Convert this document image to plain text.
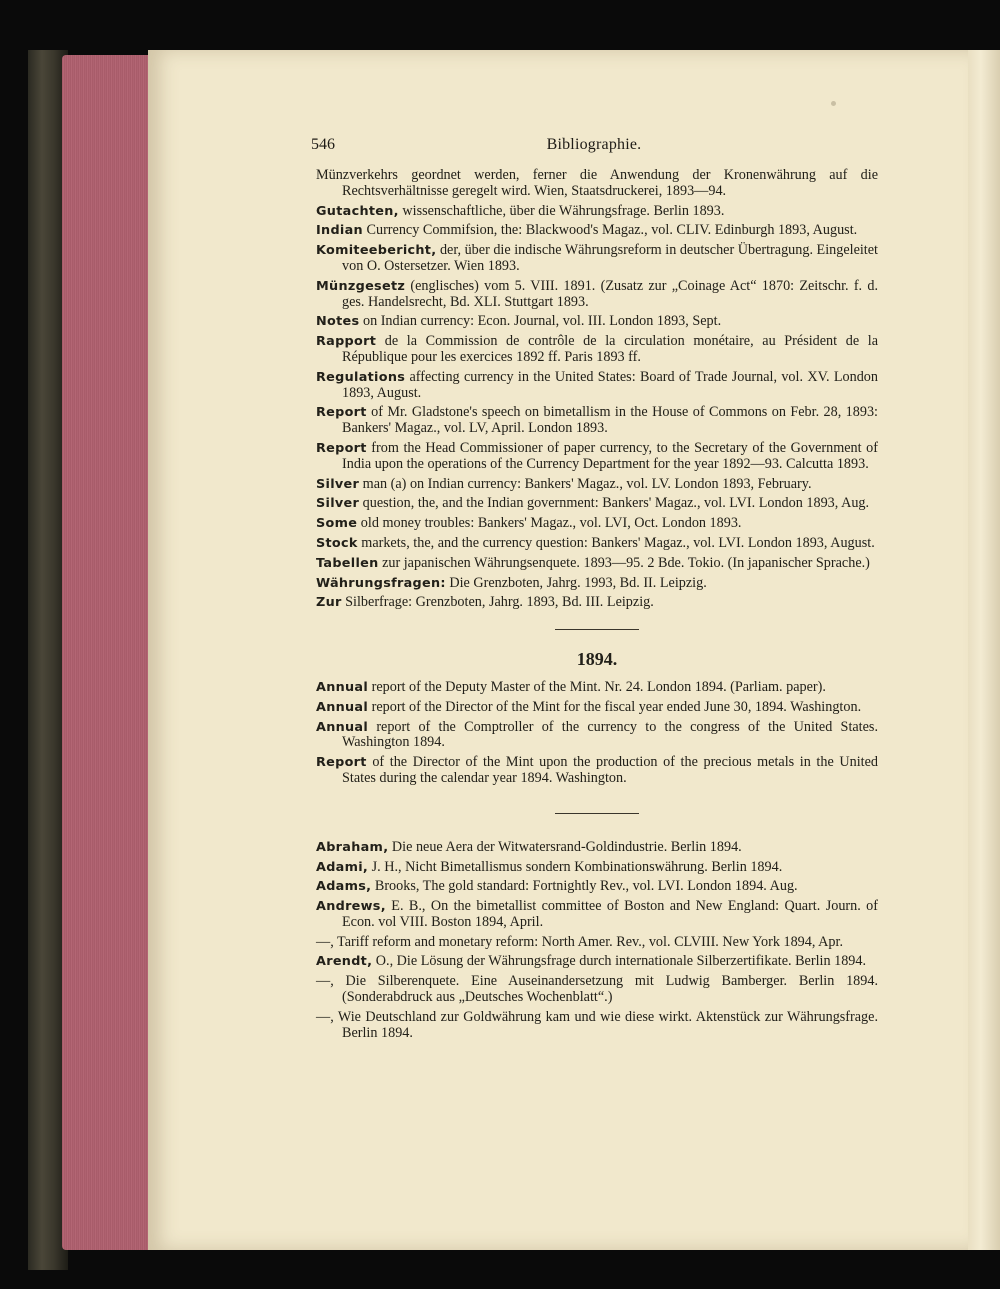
546	Bibliographie.

Münzverkehrs geordnet werden, ferner die Anwendung der Kronenwährung auf die Rechtsverhältnisse geregelt wird. Wien, Staatsdruckerei, 1893—94.

Gutachten, wissenschaftliche, über die Währungsfrage. Berlin 1893.

Indian Currency Commifsion, the: Blackwood's Magaz., vol. CLIV. Edinburgh 1893, August.

Komiteebericht, der, über die indische Währungsreform in deutscher Übertragung. Eingeleitet von O. Ostersetzer. Wien 1893.

Münzgesetz (englisches) vom 5. VIII. 1891. (Zusatz zur „Coinage Act“ 1870: Zeitschr. f. d. ges. Handelsrecht, Bd. XLI. Stuttgart 1893.

Notes on Indian currency: Econ. Journal, vol. III. London 1893, Sept.

Rapport de la Commission de contrôle de la circulation monétaire, au Président de la République pour les exercices 1892 ff. Paris 1893 ff.

Regulations affecting currency in the United States: Board of Trade Journal, vol. XV. London 1893, August.

Report of Mr. Gladstone's speech on bimetallism in the House of Commons on Febr. 28, 1893: Bankers' Magaz., vol. LV, April. London 1893.

Report from the Head Commissioner of paper currency, to the Secretary of the Government of India upon the operations of the Currency Department for the year 1892—93. Calcutta 1893.

Silver man (a) on Indian currency: Bankers' Magaz., vol. LV. London 1893, February.

Silver question, the, and the Indian government: Bankers' Magaz., vol. LVI. London 1893, Aug.

Some old money troubles: Bankers' Magaz., vol. LVI, Oct. London 1893.

Stock markets, the, and the currency question: Bankers' Magaz., vol. LVI. London 1893, August.

Tabellen zur japanischen Währungsenquete. 1893—95. 2 Bde. Tokio. (In japanischer Sprache.)

Währungsfragen: Die Grenzboten, Jahrg. 1993, Bd. II. Leipzig.

Zur Silberfrage: Grenzboten, Jahrg. 1893, Bd. III. Leipzig.

1894.

Annual report of the Deputy Master of the Mint. Nr. 24. London 1894. (Parliam. paper).

Annual report of the Director of the Mint for the fiscal year ended June 30, 1894. Washington.

Annual report of the Comptroller of the currency to the congress of the United States. Washington 1894.

Report of the Director of the Mint upon the production of the precious metals in the United States during the calendar year 1894. Washington.

Abraham, Die neue Aera der Witwatersrand-Goldindustrie. Berlin 1894.

Adami, J. H., Nicht Bimetallismus sondern Kombinationswährung. Berlin 1894.

Adams, Brooks, The gold standard: Fortnightly Rev., vol. LVI. London 1894. Aug.

Andrews, E. B., On the bimetallist committee of Boston and New England: Quart. Journ. of Econ. vol VIII. Boston 1894, April.

—, Tariff reform and monetary reform: North Amer. Rev., vol. CLVIII. New York 1894, Apr.

Arendt, O., Die Lösung der Währungsfrage durch internationale Silberzertifikate. Berlin 1894.

—, Die Silberenquete. Eine Auseinandersetzung mit Ludwig Bamberger. Berlin 1894. (Sonderabdruck aus „Deutsches Wochenblatt“.)

—, Wie Deutschland zur Goldwährung kam und wie diese wirkt. Aktenstück zur Währungsfrage. Berlin 1894.
